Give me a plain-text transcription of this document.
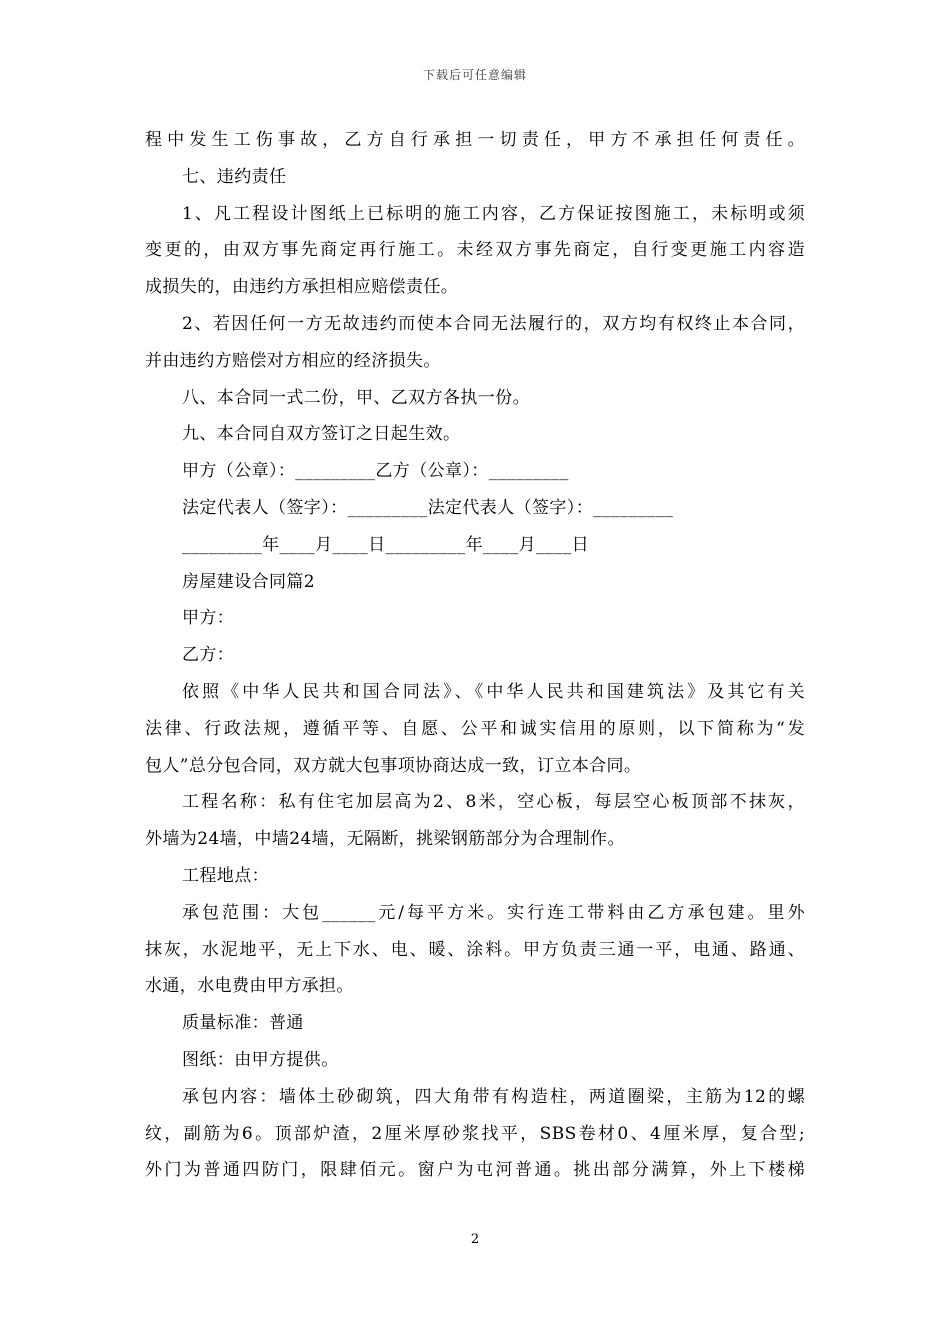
下载后可任意编辑
程中发生工伤事故，乙方自行承担一切责任，甲方不承担任何责任。
七、违约责任
1、凡工程设计图纸上已标明的施工内容，乙方保证按图施工，未标明或须
变更的，由双方事先商定再行施工。未经双方事先商定，自行变更施工内容造
成损失的，由违约方承担相应赔偿责任。
2、若因任何一方无故违约而使本合同无法履行的，双方均有权终止本合同，
并由违约方赔偿对方相应的经济损失。
八、本合同一式二份，甲、乙双方各执一份。
九、本合同自双方签订之日起生效。
甲方（公章）：_________乙方（公章）：_________
法定代表人（签字）：_________法定代表人（签字）：_________
_________年____月____日_________年____月____日
房屋建设合同篇2
甲方：
乙方：
依照《中华人民共和国合同法》、《中华人民共和国建筑法》及其它有关
法律、行政法规，遵循平等、自愿、公平和诚实信用的原则，以下简称为“发
包人”总分包合同，双方就大包事项协商达成一致，订立本合同。
工程名称：私有住宅加层高为2、8米，空心板，每层空心板顶部不抹灰，
外墙为24墙，中墙24墙，无隔断，挑梁钢筋部分为合理制作。
工程地点：
承包范围：大包______元/每平方米。实行连工带料由乙方承包建。里外
抹灰，水泥地平，无上下水、电、暖、涂料。甲方负责三通一平，电通、路通、
水通，水电费由甲方承担。
质量标准：普通
图纸：由甲方提供。
承包内容：墙体土砂砌筑，四大角带有构造柱，两道圈梁，主筋为12的螺
纹，副筋为6。顶部炉渣，2厘米厚砂浆找平，SBS卷材0、4厘米厚，复合型;
外门为普通四防门，限肆佰元。窗户为屯河普通。挑出部分满算，外上下楼梯
2
